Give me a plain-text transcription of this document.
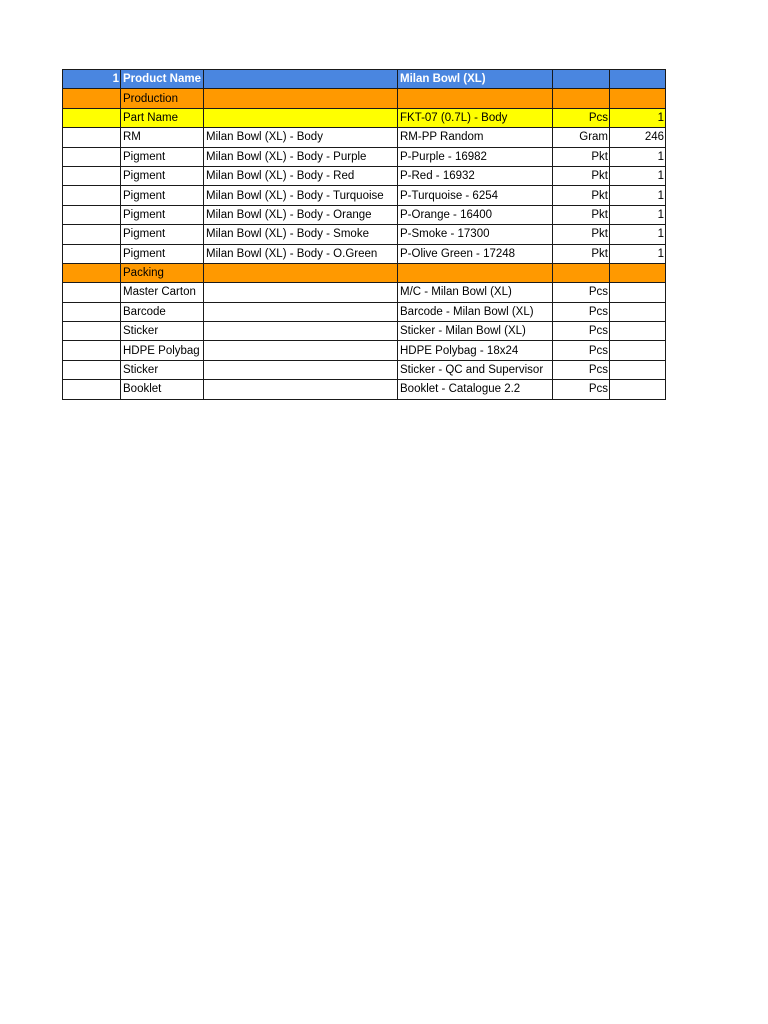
1	Product Name		Milan Bowl (XL)		
	Production				
	Part Name		FKT-07 (0.7L) - Body	Pcs	1
	RM	Milan Bowl (XL) - Body	RM-PP Random	Gram	246
	Pigment	Milan Bowl (XL) - Body - Purple	P-Purple - 16982	Pkt	1
	Pigment	Milan Bowl (XL) - Body - Red	P-Red - 16932	Pkt	1
	Pigment	Milan Bowl (XL) - Body - Turquoise	P-Turquoise - 6254	Pkt	1
	Pigment	Milan Bowl (XL) - Body - Orange	P-Orange - 16400	Pkt	1
	Pigment	Milan Bowl (XL) - Body - Smoke	P-Smoke - 17300	Pkt	1
	Pigment	Milan Bowl (XL) - Body - O.Green	P-Olive Green - 17248	Pkt	1
	Packing				
	Master Carton		M/C - Milan Bowl (XL)	Pcs	
	Barcode		Barcode - Milan Bowl (XL)	Pcs	
	Sticker		Sticker - Milan Bowl (XL)	Pcs	
	HDPE Polybag		HDPE Polybag - 18x24	Pcs	
	Sticker		Sticker - QC and Supervisor	Pcs	
	Booklet		Booklet - Catalogue 2.2	Pcs	
